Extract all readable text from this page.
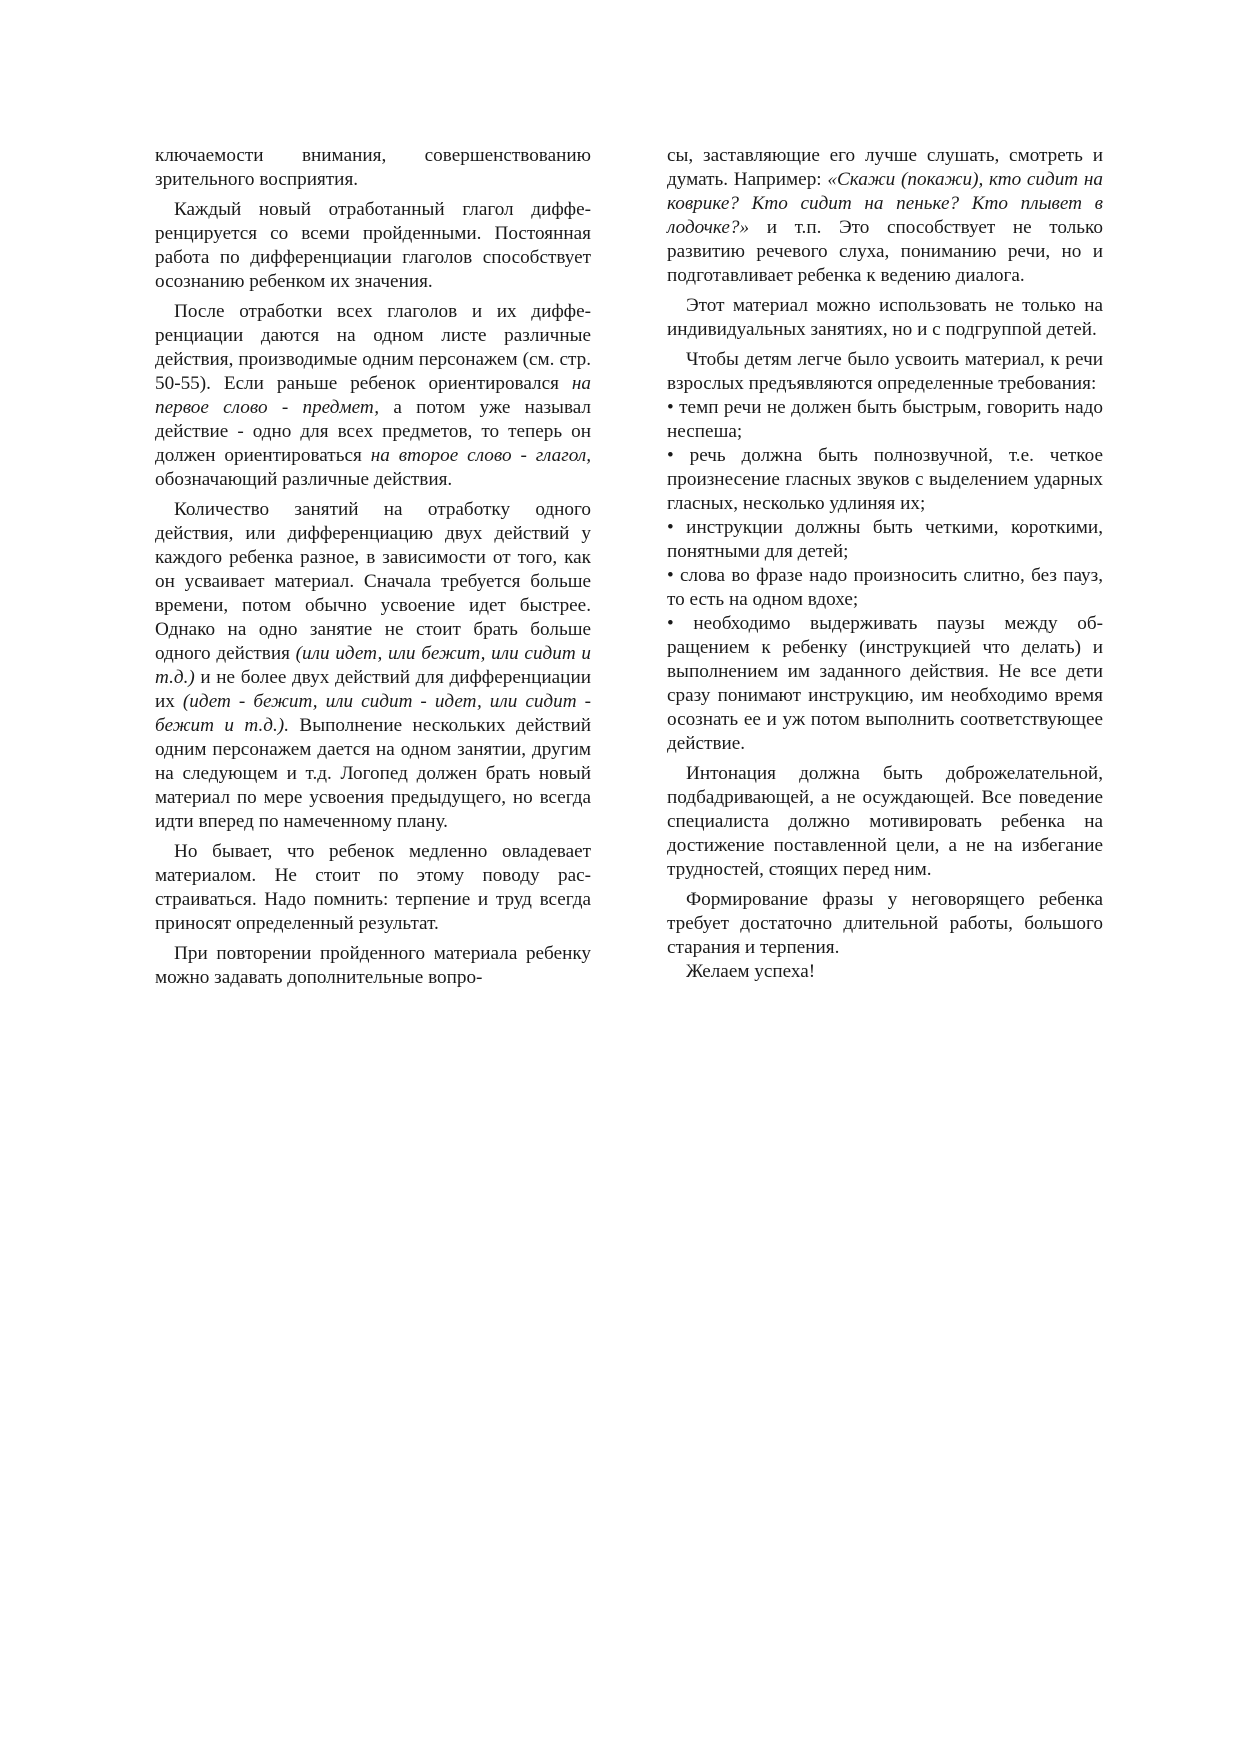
ключаемости внимания, совершенствованию зрительного восприятия.

Каждый новый отработанный глагол дифференцируется со всеми пройденными. Постоянная работа по дифференциации глаголов способствует осознанию ребенком их значения.

После отработки всех глаголов и их дифференциации даются на одном листе различные действия, производимые одним персонажем (см. стр. 50-55). Если раньше ребенок ориентировался на первое слово - предмет, а потом уже называл действие - одно для всех предметов, то теперь он должен ориентироваться на второе слово - глагол, обозначающий различные действия.

Количество занятий на отработку одного действия, или дифференциацию двух действий у каждого ребенка разное, в зависимости от того, как он усваивает материал. Сначала требуется больше времени, потом обычно усвоение идет быстрее. Однако на одно занятие не стоит брать больше одного действия (или идет, или бежит, или сидит и т.д.) и не более двух действий для дифференциации их (идет - бежит, или сидит - идет, или сидит - бежит и т.д.). Выполнение нескольких действий одним персонажем дается на одном занятии, другим на следующем и т.д. Логопед должен брать новый материал по мере усвоения предыдущего, но всегда идти вперед по намеченному плану.

Но бывает, что ребенок медленно овладевает материалом. Не стоит по этому поводу расстраиваться. Надо помнить: терпение и труд всегда приносят определенный результат.

При повторении пройденного материала ребенку можно задавать дополнительные вопро-

сы, заставляющие его лучше слушать, смотреть и думать. Например: «Скажи (покажи), кто сидит на коврике? Кто сидит на пеньке? Кто плывет в лодочке?» и т.п. Это способствует не только развитию речевого слуха, пониманию речи, но и подготавливает ребенка к ведению диалога.

Этот материал можно использовать не только на индивидуальных занятиях, но и с подгруппой детей.

Чтобы детям легче было усвоить материал, к речи взрослых предъявляются определенные требования:

• темп речи не должен быть быстрым, говорить надо неспеша;

• речь должна быть полнозвучной, т.е. четкое произнесение гласных звуков с выделением ударных гласных, несколько удлиняя их;

• инструкции должны быть четкими, короткими, понятными для детей;

• слова во фразе надо произносить слитно, без пауз, то есть на одном вдохе;

• необходимо выдерживать паузы между обращением к ребенку (инструкцией что делать) и выполнением им заданного действия. Не все дети сразу понимают инструкцию, им необходимо время осознать ее и уж потом выполнить соответствующее действие.

Интонация должна быть доброжелательной, подбадривающей, а не осуждающей. Все поведение специалиста должно мотивировать ребенка на достижение поставленной цели, а не на избегание трудностей, стоящих перед ним.

Формирование фразы у неговорящего ребенка требует достаточно длительной работы, большого старания и терпения.

Желаем успеха!
